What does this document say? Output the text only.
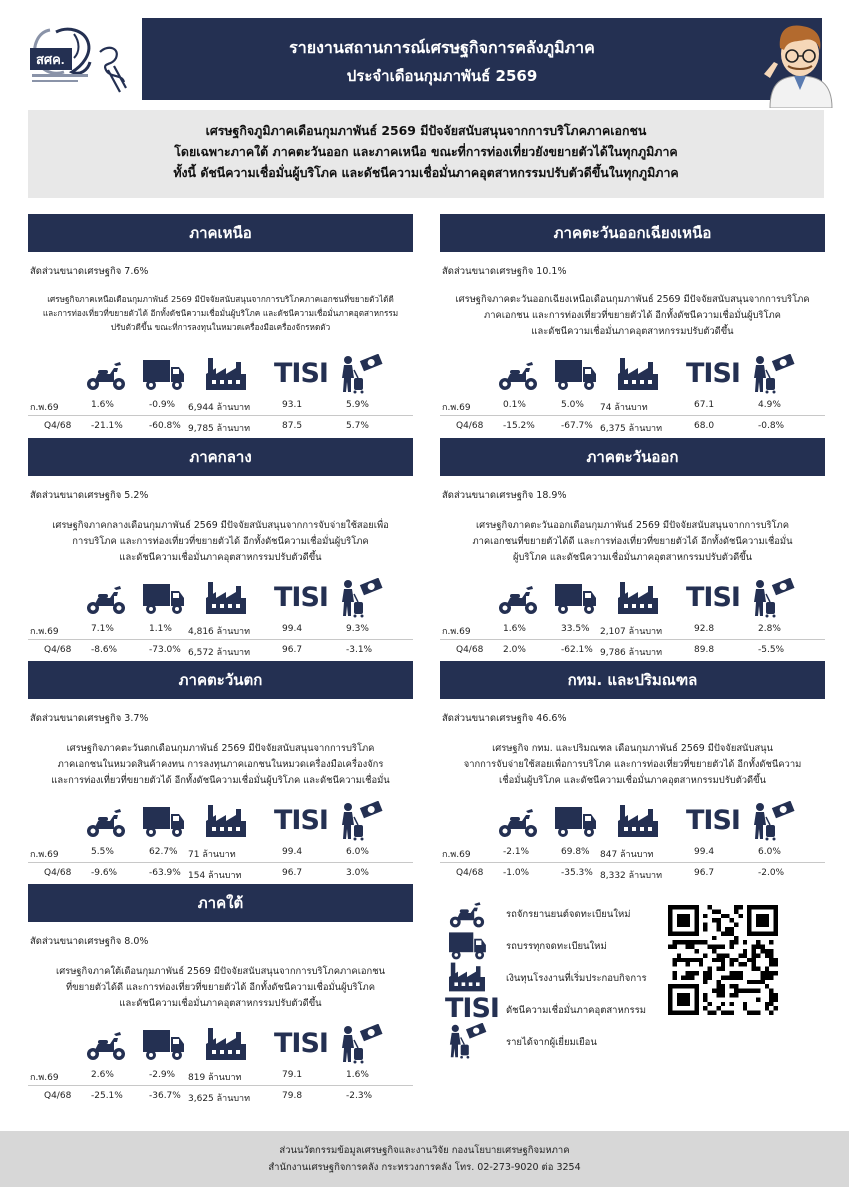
สศค.
รายงานสถานการณ์เศรษฐกิจการคลังภูมิภาค
ประจำเดือนกุมภาพันธ์ 2569
เศรษฐกิจภูมิภาคเดือนกุมภาพันธ์ 2569 มีปัจจัยสนับสนุนจากการบริโภคภาคเอกชน
โดยเฉพาะภาคใต้ ภาคตะวันออก และภาคเหนือ ขณะที่การท่องเที่ยวยังขยายตัวได้ในทุกภูมิภาค
ทั้งนี้ ดัชนีความเชื่อมั่นผู้บริโภค และดัชนีความเชื่อมั่นภาคอุตสาหกรรมปรับตัวดีขึ้นในทุกภูมิภาค
ภาคเหนือ
สัดส่วนขนาดเศรษฐกิจ 7.6%
เศรษฐกิจภาคเหนือเดือนกุมภาพันธ์ 2569 มีปัจจัยสนับสนุนจากการบริโภคภาคเอกชนที่ขยายตัวได้ดี
และการท่องเที่ยวที่ขยายตัวได้ อีกทั้งดัชนีความเชื่อมั่นผู้บริโภค และดัชนีความเชื่อมั่นภาคอุตสาหกรรม
ปรับตัวดีขึ้น ขณะที่การลงทุนในหมวดเครื่องมือเครื่องจักรหดตัว
TISI
ก.พ.69	1.6%	-0.9% 6,944 ล้านบาท	93.1	5.9%
Q4/68 -21.1%	-60.8% 9,785 ล้านบาท	87.5	5.7%
ภาคตะวันออกเฉียงเหนือ
สัดส่วนขนาดเศรษฐกิจ 10.1%
เศรษฐกิจภาคตะวันออกเฉียงเหนือเดือนกุมภาพันธ์ 2569 มีปัจจัยสนับสนุนจากการบริโภค
ภาคเอกชน และการท่องเที่ยวที่ขยายตัวได้ อีกทั้งดัชนีความเชื่อมั่นผู้บริโภค
และดัชนีความเชื่อมั่นภาคอุตสาหกรรมปรับตัวดีขึ้น
TISI
ก.พ.69	0.1%	5.0% 74 ล้านบาท	67.1	4.9%
Q4/68 -15.2%	-67.7% 6,375 ล้านบาท	68.0	-0.8%
ภาคกลาง
สัดส่วนขนาดเศรษฐกิจ 5.2%
เศรษฐกิจภาคกลางเดือนกุมภาพันธ์ 2569 มีปัจจัยสนับสนุนจากการจับจ่ายใช้สอยเพื่อ
การบริโภค และการท่องเที่ยวที่ขยายตัวได้ อีกทั้งดัชนีความเชื่อมั่นผู้บริโภค
และดัชนีความเชื่อมั่นภาคอุตสาหกรรมปรับตัวดีขึ้น
TISI
ก.พ.69	7.1%	1.1% 4,816 ล้านบาท	99.4	9.3%
Q4/68 -8.6%	-73.0% 6,572 ล้านบาท	96.7	-3.1%
ภาคตะวันออก
สัดส่วนขนาดเศรษฐกิจ 18.9%
เศรษฐกิจภาคตะวันออกเดือนกุมภาพันธ์ 2569 มีปัจจัยสนับสนุนจากการบริโภค
ภาคเอกชนที่ขยายตัวได้ดี และการท่องเที่ยวที่ขยายตัวได้ อีกทั้งดัชนีความเชื่อมั่น
ผู้บริโภค และดัชนีความเชื่อมั่นภาคอุตสาหกรรมปรับตัวดีขึ้น
TISI
ก.พ.69	1.6%	33.5% 2,107 ล้านบาท	92.8	2.8%
Q4/68 2.0%	-62.1% 9,786 ล้านบาท	89.8	-5.5%
ภาคตะวันตก
สัดส่วนขนาดเศรษฐกิจ 3.7%
เศรษฐกิจภาคตะวันตกเดือนกุมภาพันธ์ 2569 มีปัจจัยสนับสนุนจากการบริโภค
ภาคเอกชนในหมวดสินค้าคงทน การลงทุนภาคเอกชนในหมวดเครื่องมือเครื่องจักร
และการท่องเที่ยวที่ขยายตัวได้ อีกทั้งดัชนีความเชื่อมั่นผู้บริโภค และดัชนีความเชื่อมั่น
TISI
ก.พ.69	5.5%	62.7% 71 ล้านบาท	99.4	6.0%
Q4/68 -9.6%	-63.9% 154 ล้านบาท	96.7	3.0%
กทม. และปริมณฑล
สัดส่วนขนาดเศรษฐกิจ 46.6%
เศรษฐกิจ กทม. และปริมณฑล เดือนกุมภาพันธ์ 2569 มีปัจจัยสนับสนุน
จากการจับจ่ายใช้สอยเพื่อการบริโภค และการท่องเที่ยวที่ขยายตัวได้ อีกทั้งดัชนีความ
เชื่อมั่นผู้บริโภค และดัชนีความเชื่อมั่นภาคอุตสาหกรรมปรับตัวดีขึ้น
TISI
ก.พ.69	-2.1%	69.8% 847 ล้านบาท	99.4	6.0%
Q4/68 -1.0%	-35.3% 8,332 ล้านบาท	96.7	-2.0%
ภาคใต้
สัดส่วนขนาดเศรษฐกิจ 8.0%
เศรษฐกิจภาคใต้เดือนกุมภาพันธ์ 2569 มีปัจจัยสนับสนุนจากการบริโภคภาคเอกชน
ที่ขยายตัวได้ดี และการท่องเที่ยวที่ขยายตัวได้ อีกทั้งดัชนีความเชื่อมั่นผู้บริโภค
และดัชนีความเชื่อมั่นภาคอุตสาหกรรมปรับตัวดีขึ้น
TISI
ก.พ.69	2.6%	-2.9% 819 ล้านบาท	79.1	1.6%
Q4/68 -25.1%	-36.7% 3,625 ล้านบาท	79.8	-2.3%
รถจักรยานยนต์จดทะเบียนใหม่
รถบรรทุกจดทะเบียนใหม่
เงินทุนโรงงานที่เริ่มประกอบกิจการ
TISI ดัชนีความเชื่อมั่นภาคอุตสาหกรรม
รายได้จากผู้เยี่ยมเยือน
ส่วนนวัตกรรมข้อมูลเศรษฐกิจและงานวิจัย กองนโยบายเศรษฐกิจมหภาค
สำนักงานเศรษฐกิจการคลัง กระทรวงการคลัง โทร. 02-273-9020 ต่อ 3254
